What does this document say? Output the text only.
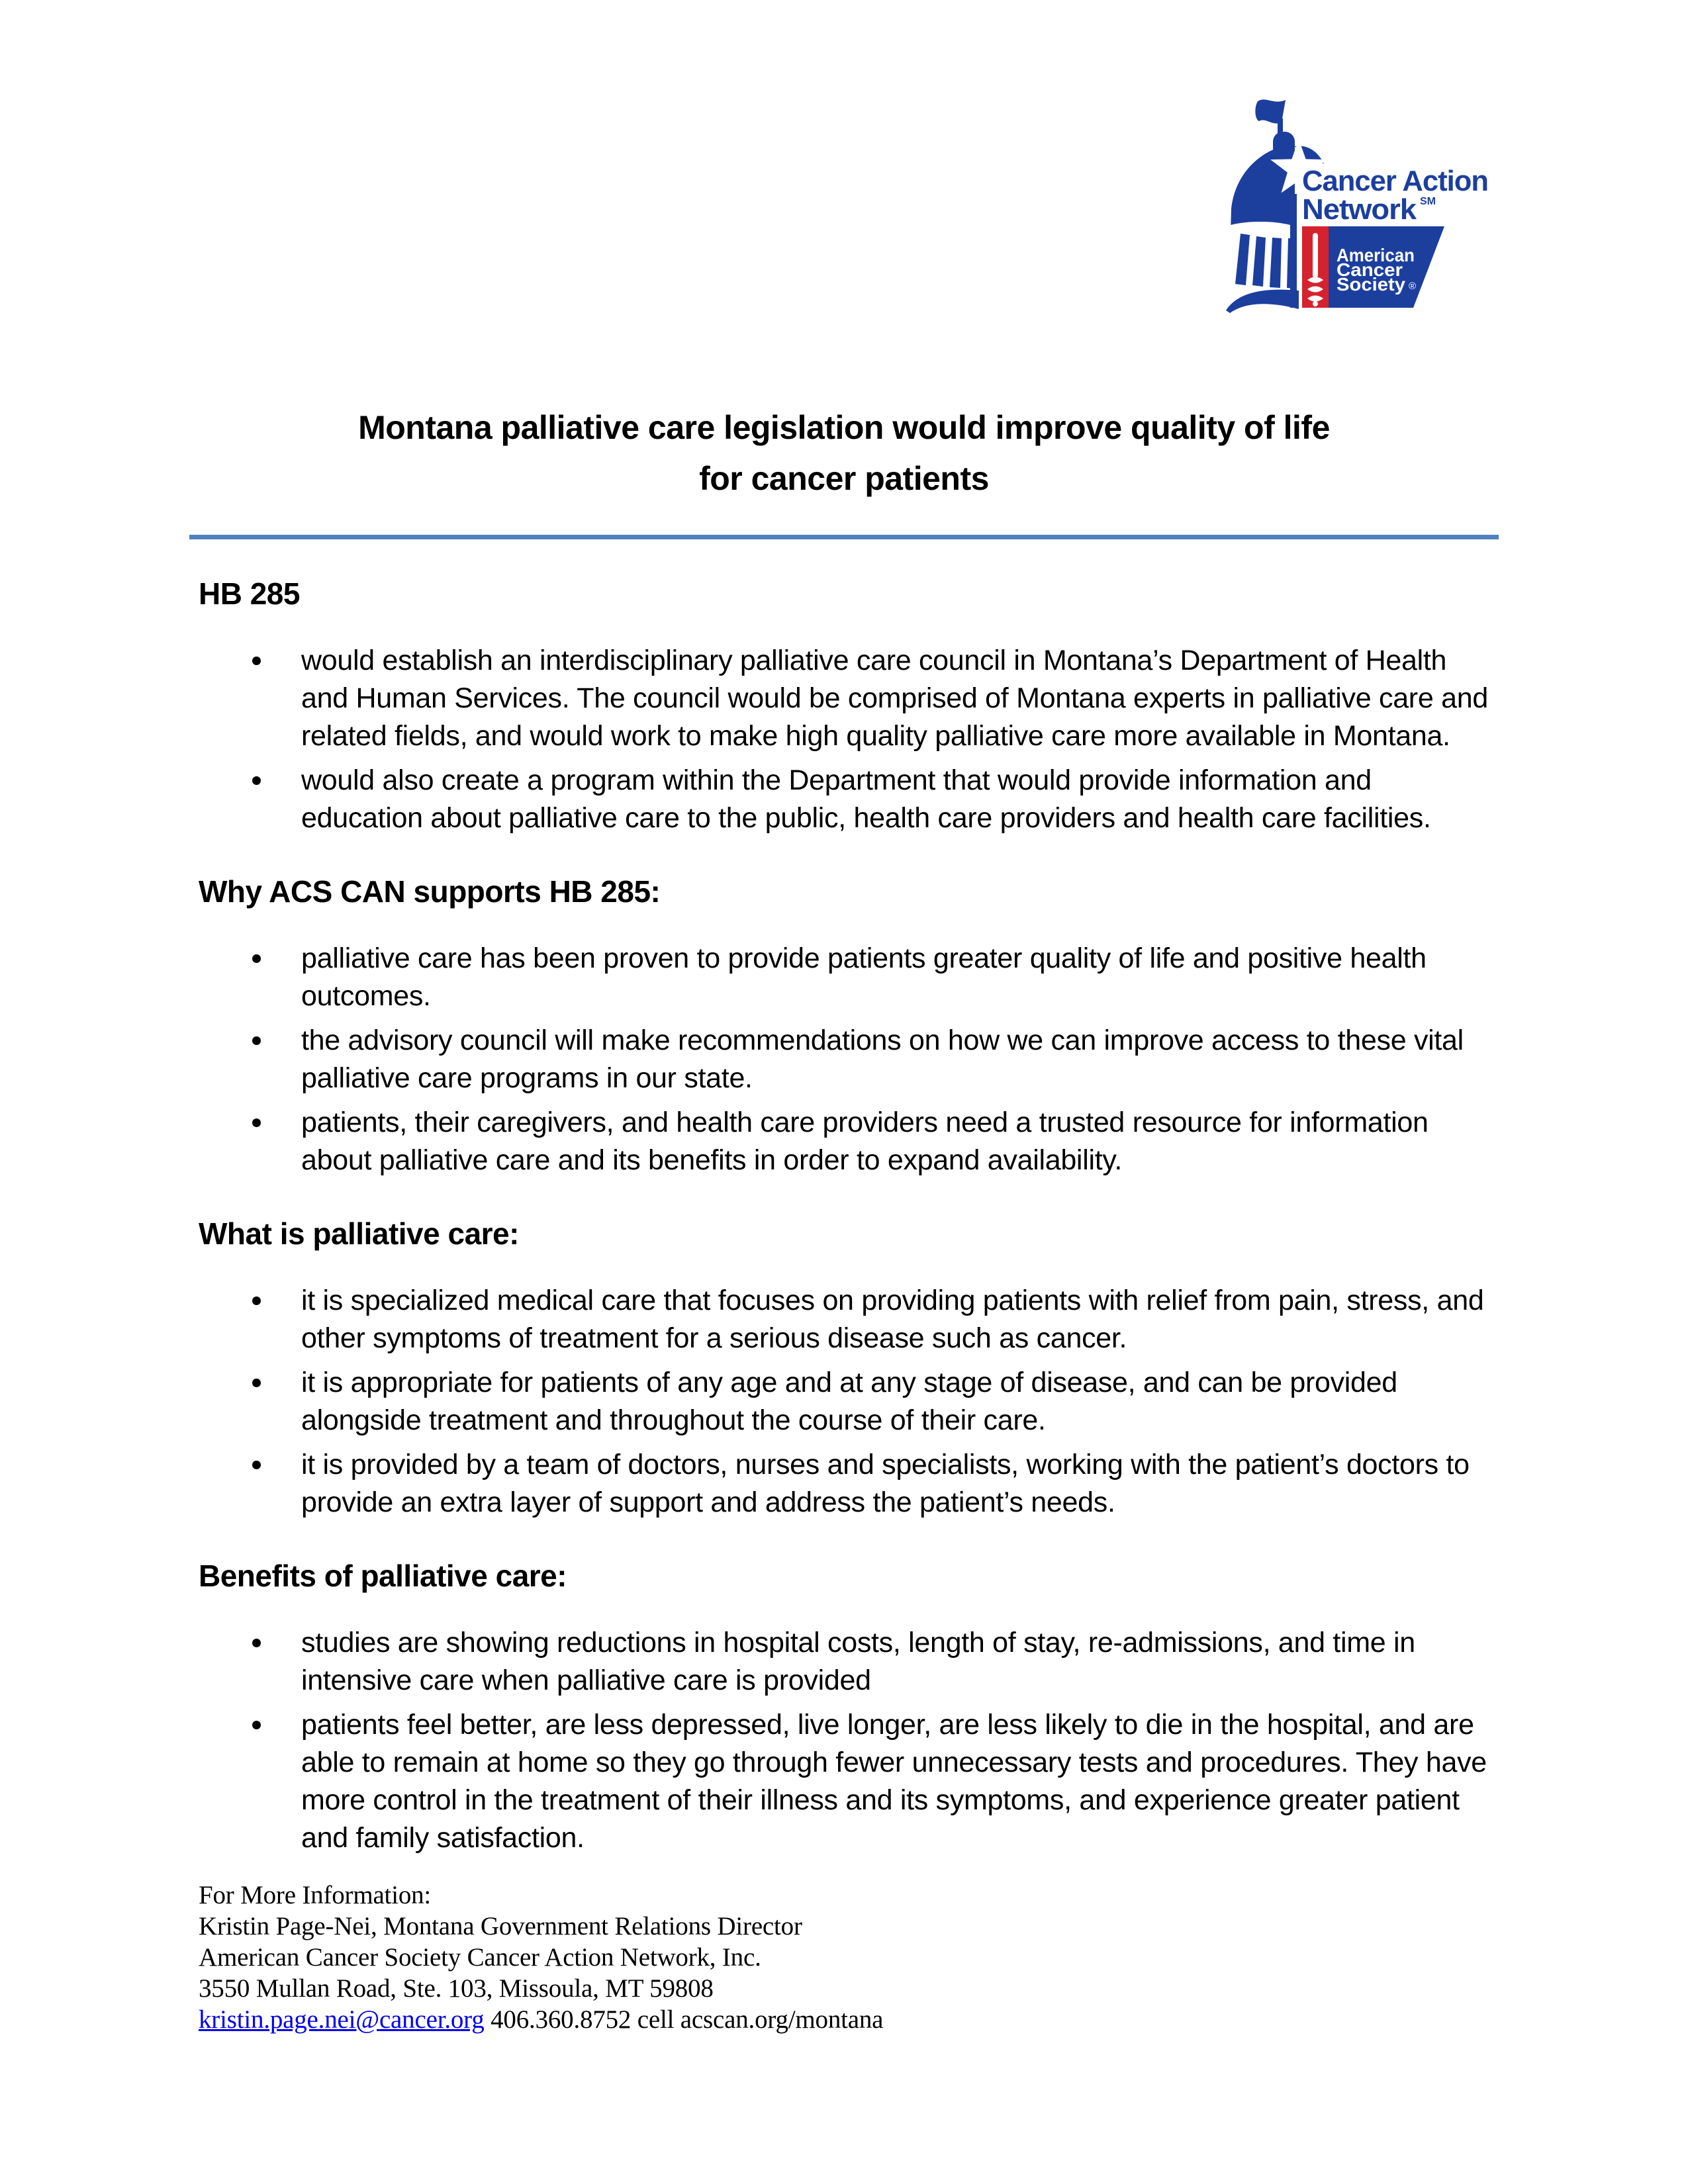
Cancer Action
Network SM
American
Cancer
Society ®
Montana palliative care legislation would improve quality of life
for cancer patients
HB 285
would establish an interdisciplinary palliative care council in Montana’s Department of Health and Human Services. The council would be comprised of Montana experts in palliative care and related fields, and would work to make high quality palliative care more available in Montana.
would also create a program within the Department that would provide information and education about palliative care to the public, health care providers and health care facilities.
Why ACS CAN supports HB 285:
palliative care has been proven to provide patients greater quality of life and positive health outcomes.
the advisory council will make recommendations on how we can improve access to these vital palliative care programs in our state.
patients, their caregivers, and health care providers need a trusted resource for information about palliative care and its benefits in order to expand availability.
What is palliative care:
it is specialized medical care that focuses on providing patients with relief from pain, stress, and other symptoms of treatment for a serious disease such as cancer.
it is appropriate for patients of any age and at any stage of disease, and can be provided alongside treatment and throughout the course of their care.
it is provided by a team of doctors, nurses and specialists, working with the patient’s doctors to provide an extra layer of support and address the patient’s needs.
Benefits of palliative care:
studies are showing reductions in hospital costs, length of stay, re-admissions, and time in intensive care when palliative care is provided
patients feel better, are less depressed, live longer, are less likely to die in the hospital, and are able to remain at home so they go through fewer unnecessary tests and procedures. They have more control in the treatment of their illness and its symptoms, and experience greater patient and family satisfaction.
For More Information:
Kristin Page-Nei, Montana Government Relations Director
American Cancer Society Cancer Action Network, Inc.
3550 Mullan Road, Ste. 103, Missoula, MT 59808
kristin.page.nei@cancer.org 406.360.8752 cell acscan.org/montana
